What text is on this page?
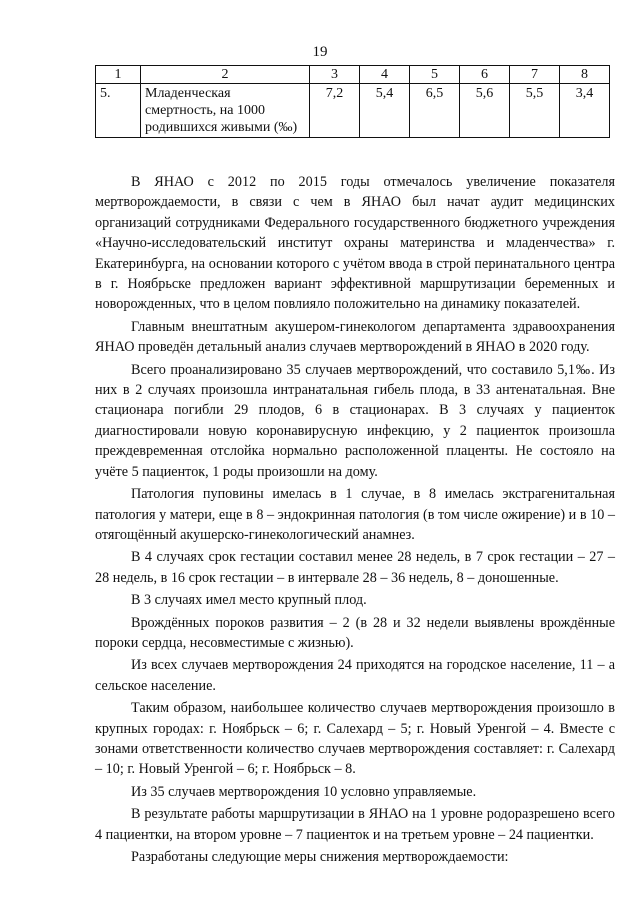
19
1	2	3	4	5	6	7	8
5.	Младенческая смертность, на 1000 родившихся живыми (‰)	7,2	5,4	6,5	5,6	5,5	3,4

В ЯНАО с 2012 по 2015 годы отмечалось увеличение показателя мертворождаемости, в связи с чем в ЯНАО был начат аудит медицинских организаций сотрудниками Федерального государственного бюджетного учреждения «Научно-исследовательский институт охраны материнства и младенчества» г. Екатеринбурга, на основании которого с учётом ввода в строй перинатального центра в г. Ноябрьске предложен вариант эффективной маршрутизации беременных и новорожденных, что в целом повлияло положительно на динамику показателей.

Главным внештатным акушером-гинекологом департамента здравоохранения ЯНАО проведён детальный анализ случаев мертворождений в ЯНАО в 2020 году.

Всего проанализировано 35 случаев мертворождений, что составило 5,1‰. Из них в 2 случаях произошла интранатальная гибель плода, в 33 антенатальная. Вне стационара погибли 29 плодов, 6 в стационарах. В 3 случаях у пациенток диагностировали новую коронавирусную инфекцию, у 2 пациенток произошла преждевременная отслойка нормально расположенной плаценты. Не состояло на учёте 5 пациенток, 1 роды произошли на дому.

Патология пуповины имелась в 1 случае, в 8 имелась экстрагенитальная патология у матери, еще в 8 – эндокринная патология (в том числе ожирение) и в 10 – отягощённый акушерско-гинекологический анамнез.

В 4 случаях срок гестации составил менее 28 недель, в 7 срок гестации – 27 – 28 недель, в 16 срок гестации – в интервале 28 – 36 недель, 8 – доношенные.

В 3 случаях имел место крупный плод.

Врождённых пороков развития – 2 (в 28 и 32 недели выявлены врождённые пороки сердца, несовместимые с жизнью).

Из всех случаев мертворождения 24 приходятся на городское население, 11 – а сельское население.

Таким образом, наибольшее количество случаев мертворождения произошло в крупных городах: г. Ноябрьск – 6; г. Салехард – 5; г. Новый Уренгой – 4. Вместе с зонами ответственности количество случаев мертворождения составляет: г. Салехард – 10; г. Новый Уренгой – 6; г. Ноябрьск – 8.

Из 35 случаев мертворождения 10 условно управляемые.

В результате работы маршрутизации в ЯНАО на 1 уровне родоразрешено всего 4 пациентки, на втором уровне – 7 пациенток и на третьем уровне – 24 пациентки.

Разработаны следующие меры снижения мертворождаемости:
